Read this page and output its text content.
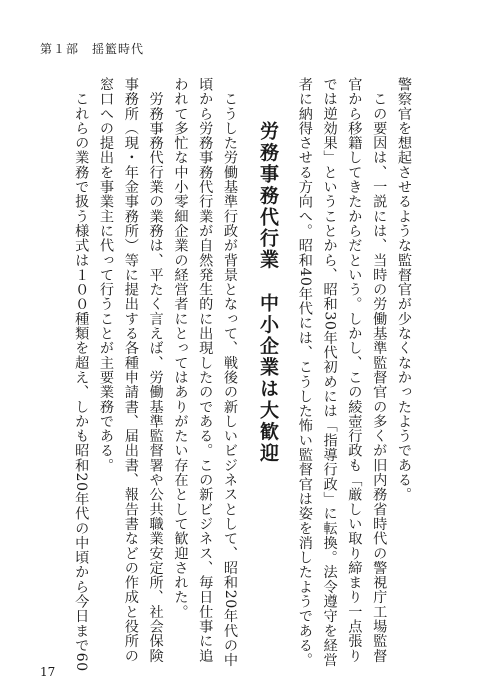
第１部　揺籃時代

警察官を想起させるような監督官が少なくなかったようである。

　この要因は、一説には、当時の労働基準監督官の多くが旧内務省時代の警視庁工場監督

官から移籍してきたからだという。しかし、この綾壺行政も「厳しい取り締まり一点張り

では逆効果」ということから、昭和30年代初めには「指導行政」に転換。法令遵守を経営

者に納得させる方向へ。昭和40年代には、こうした怖い監督官は姿を消したようである。

労務事務代行業中小企業は大歓迎

　こうした労働基準行政が背景となって、戦後の新しいビジネスとして、昭和20年代の中

頃から労務事務代行業が自然発生的に出現したのである。この新ビジネス、毎日仕事に追

われて多忙な中小零細企業の経営者にとってはありがたい存在として歓迎された。

　労務事務代行業の業務は、平たく言えば、労働基準監督署や公共職業安定所、社会保険

事務所（現・年金事務所）等に提出する各種申請書、届出書、報告書などの作成と役所の

窓口への提出を事業主に代って行うことが主要業務である。

　これらの業務で扱う様式は１００種類を超え、しかも昭和20年代の中頃から今日まで60

17
